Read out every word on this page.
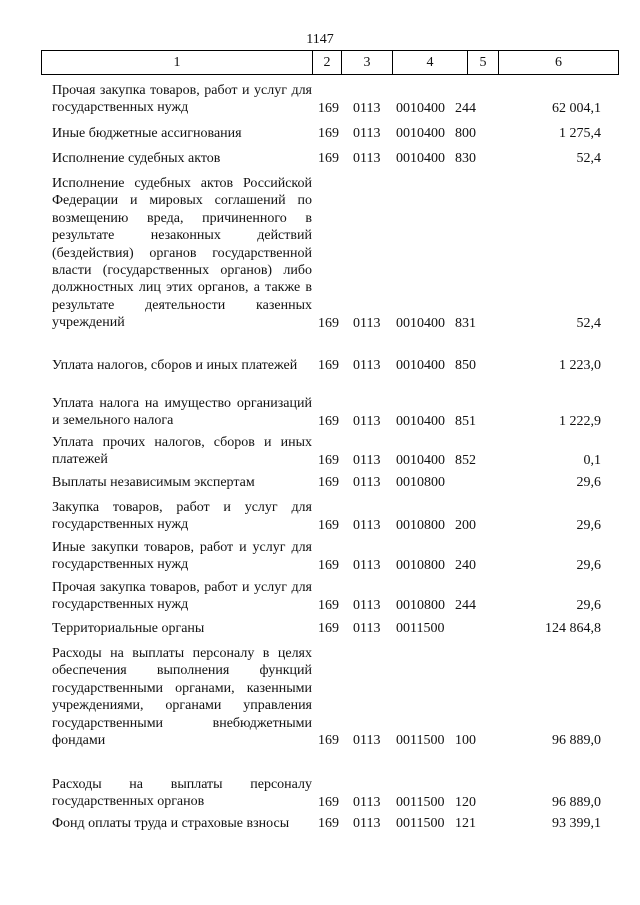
1147
1	2	3	4	5	6
Прочая закупка товаров, работ и услуг для государственных нужд	169 0113 0010400 244	62 004,1
Иные бюджетные ассигнования	169 0113 0010400 800	1 275,4
Исполнение судебных актов	169 0113 0010400 830	52,4
Исполнение судебных актов Российской Федерации и мировых соглашений по возмещению вреда, причиненного в результате незаконных действий (бездействия) органов государственной власти (государственных органов) либо должностных лиц этих органов, а также в результате деятельности казенных учреждений	169 0113 0010400 831	52,4
Уплата налогов, сборов и иных платежей	169 0113 0010400 850	1 223,0
Уплата налога на имущество организаций и земельного налога	169 0113 0010400 851	1 222,9
Уплата прочих налогов, сборов и иных платежей	169 0113 0010400 852	0,1
Выплаты независимым экспертам	169 0113 0010800	29,6
Закупка товаров, работ и услуг для государственных нужд	169 0113 0010800 200	29,6
Иные закупки товаров, работ и услуг для государственных нужд	169 0113 0010800 240	29,6
Прочая закупка товаров, работ и услуг для государственных нужд	169 0113 0010800 244	29,6
Территориальные органы	169 0113 0011500	124 864,8
Расходы на выплаты персоналу в целях обеспечения выполнения функций государственными органами, казенными учреждениями, органами управления государственными внебюджетными фондами	169 0113 0011500 100	96 889,0
Расходы на выплаты персоналу государственных органов	169 0113 0011500 120	96 889,0
Фонд оплаты труда и страховые взносы	169 0113 0011500 121	93 399,1
